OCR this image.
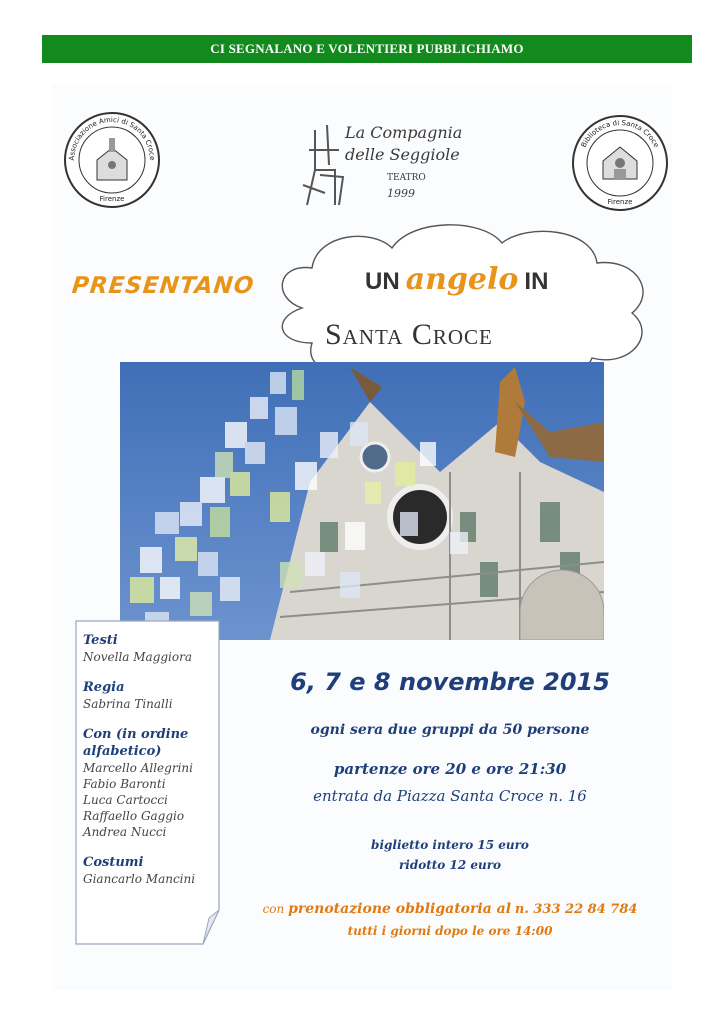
CI SEGNALANO E VOLENTIERI PUBBLICHIAMO
Associazione Amici di Santa Croce
Firenze
La Compagnia
delle Seggiole
TEATRO
1999
Biblioteca di Santa Croce
Firenze
PRESENTANO	UN angelo IN
Santa Croce
Testi
Novella Maggiora
Regia
Sabrina Tinalli
Con (in ordine alfabetico)
Marcello Allegrini
Fabio Baronti
Luca Cartocci
Raffaello Gaggio
Andrea Nucci
Costumi
Giancarlo Mancini
6, 7 e 8 novembre 2015
ogni sera due gruppi da 50 persone
partenze ore 20 e ore 21:30
entrata da Piazza Santa Croce n. 16
biglietto intero 15 euro
ridotto 12 euro
con prenotazione obbligatoria al n. 333 22 84 784
tutti i giorni dopo le ore 14:00
